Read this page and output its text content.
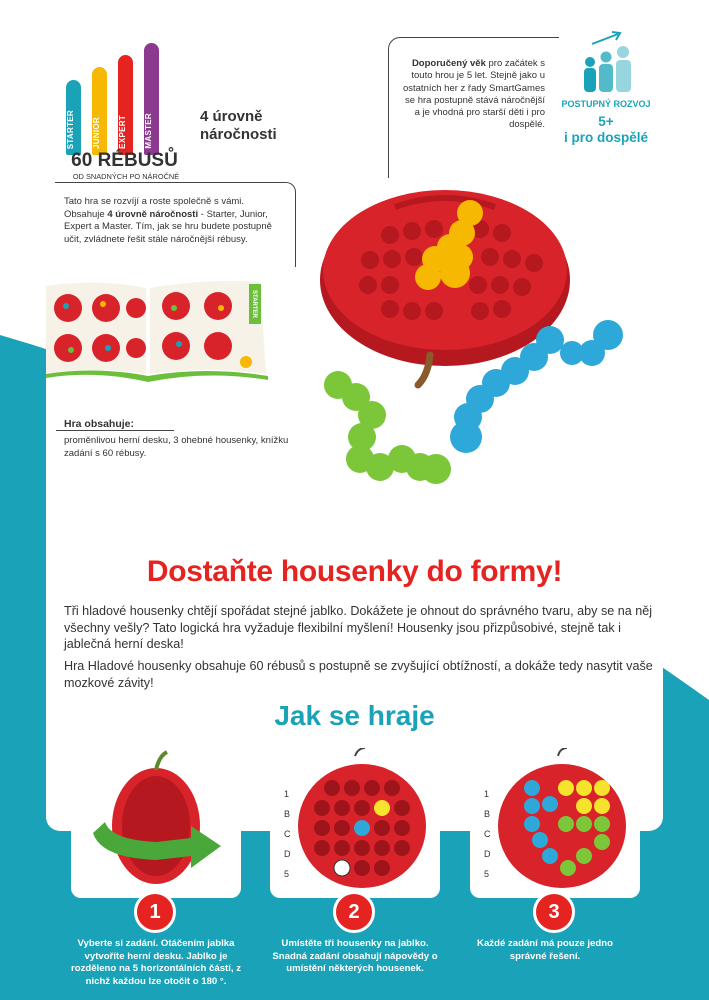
STARTER	JUNIOR	EXPERT	MASTER
60 RÉBUSŮ
OD SNADNÝCH PO NÁROČNÉ
4 úrovně
náročnosti
Tato hra se rozvíjí a roste společně s vámi. Obsahuje 4 úrovně náročnosti - Starter, Junior, Expert a Master. Tím, jak se hru budete postupně učit, zvládnete řešit stále náročnější rébusy.
Doporučený věk pro začátek s touto hrou je 5 let. Stejně jako u ostatních her z řady SmartGames se hra postupně stává náročnější a je vhodná pro starší děti i pro dospělé.
POSTUPNÝ ROZVOJ
5+
i pro dospělé
STARTER
Hra obsahuje:
proměnlivou herní desku, 3 ohebné housenky, knížku zadání s 60 rébusy.
Dostaňte housenky do formy!
Tři hladové housenky chtějí spořádat stejné jablko. Dokážete je ohnout do správného tvaru, aby se na něj všechny vešly? Tato logická hra vyžaduje flexibilní myšlení! Housenky jsou přizpůsobivé, stejně tak i jablečná herní deska!
Hra Hladové housenky obsahuje 60 rébusů s postupně se zvyšující obtížností, a dokáže tedy nasytit vaše mozkové závity!
Jak se hraje
1
B
C
D
5
1
B
C
D
5
1	2	3
Vyberte si zadání. Otáčením jablka vytvoříte herní desku. Jablko je rozděleno na 5 horizontálních částí, z nichž každou lze otočit o 180 °.
Umístěte tři housenky na jablko. Snadná zadání obsahují nápovědy o umístění některých housenek.
Každé zadání má pouze jedno správné řešení.
